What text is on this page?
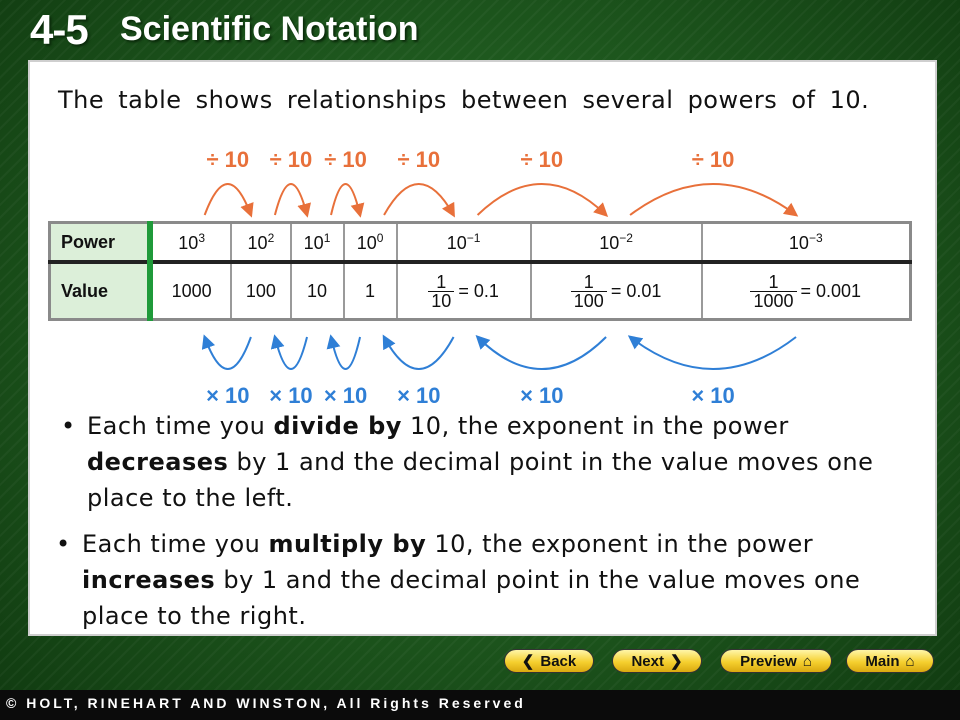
4-5 Scientific Notation
The table shows relationships between several powers of 10.
÷ 10 ÷ 10 ÷ 10 ÷ 10	÷ 10	÷ 10
× 10 × 10 × 10 × 10	× 10	× 10
Power	$10^3$	$10^2$	$10^1$	$10^0$	$10^{-1}$	$10^{-2}$	$10^{-3}$
Value	1000	100	10	1	$\frac{1}{10} = 0.1$	$\frac{1}{100} = 0.01$	$\frac{1}{1000} = 0.001$
• Each time you divide by 10, the exponent in the power decreases by 1 and the decimal point in the value moves one place to the left.
• Each time you multiply by 10, the exponent in the power increases by 1 and the decimal point in the value moves one place to the right.
❮ Back	Next ❯	Preview ⌂	Main ⌂
© HOLT, RINEHART AND WINSTON, All Rights Reserved
